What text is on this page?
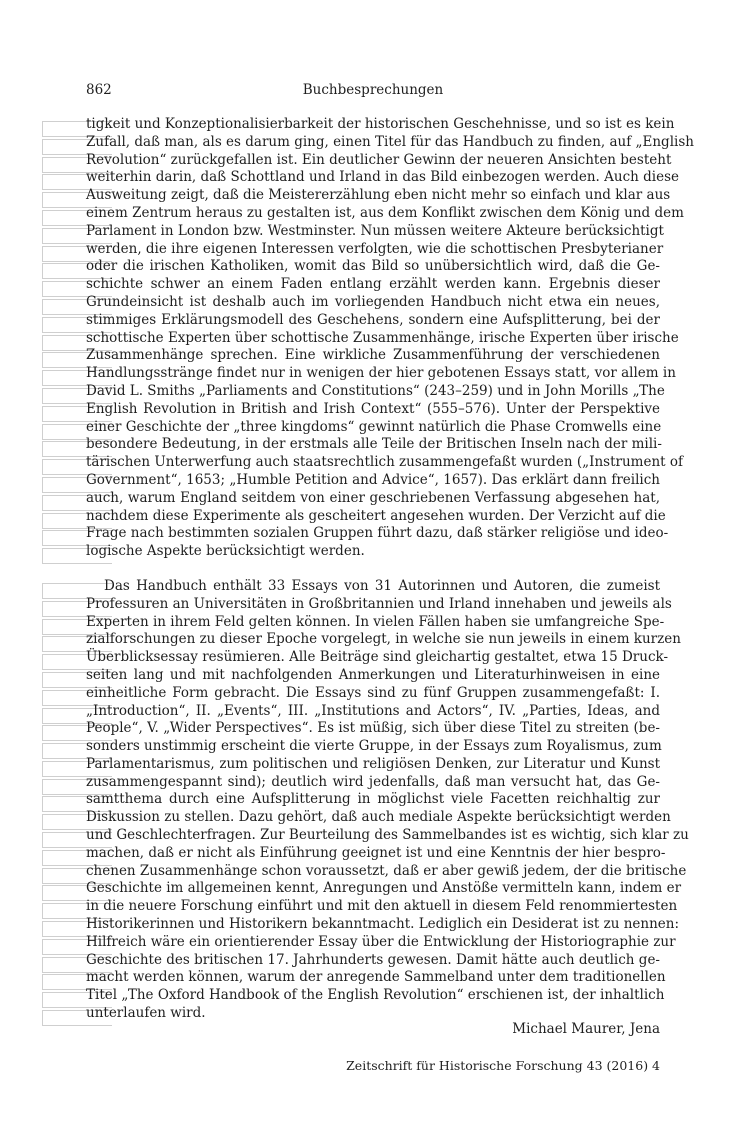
862	Buchbesprechungen
tigkeit und Konzeptionalisierbarkeit der historischen Geschehnisse, und so ist es kein
Zufall, daß man, als es darum ging, einen Titel für das Handbuch zu finden, auf „English
Revolution“ zurückgefallen ist. Ein deutlicher Gewinn der neueren Ansichten besteht
weiterhin darin, daß Schottland und Irland in das Bild einbezogen werden. Auch diese
Ausweitung zeigt, daß die Meistererzählung eben nicht mehr so einfach und klar aus
einem Zentrum heraus zu gestalten ist, aus dem Konflikt zwischen dem König und dem
Parlament in London bzw. Westminster. Nun müssen weitere Akteure berücksichtigt
werden, die ihre eigenen Interessen verfolgten, wie die schottischen Presbyterianer
oder die irischen Katholiken, womit das Bild so unübersichtlich wird, daß die Ge-
schichte schwer an einem Faden entlang erzählt werden kann. Ergebnis dieser
Grundeinsicht ist deshalb auch im vorliegenden Handbuch nicht etwa ein neues,
stimmiges Erklärungsmodell des Geschehens, sondern eine Aufsplitterung, bei der
schottische Experten über schottische Zusammenhänge, irische Experten über irische
Zusammenhänge sprechen. Eine wirkliche Zusammenführung der verschiedenen
Handlungsstränge findet nur in wenigen der hier gebotenen Essays statt, vor allem in
David L. Smiths „Parliaments and Constitutions“ (243–259) und in John Morills „The
English Revolution in British and Irish Context“ (555–576). Unter der Perspektive
einer Geschichte der „three kingdoms“ gewinnt natürlich die Phase Cromwells eine
besondere Bedeutung, in der erstmals alle Teile der Britischen Inseln nach der mili-
tärischen Unterwerfung auch staatsrechtlich zusammengefaßt wurden („Instrument of
Government“, 1653; „Humble Petition and Advice“, 1657). Das erklärt dann freilich
auch, warum England seitdem von einer geschriebenen Verfassung abgesehen hat,
nachdem diese Experimente als gescheitert angesehen wurden. Der Verzicht auf die
Frage nach bestimmten sozialen Gruppen führt dazu, daß stärker religiöse und ideo-
logische Aspekte berücksichtigt werden.
Das Handbuch enthält 33 Essays von 31 Autorinnen und Autoren, die zumeist
Professuren an Universitäten in Großbritannien und Irland innehaben und jeweils als
Experten in ihrem Feld gelten können. In vielen Fällen haben sie umfangreiche Spe-
zialforschungen zu dieser Epoche vorgelegt, in welche sie nun jeweils in einem kurzen
Überblicksessay resümieren. Alle Beiträge sind gleichartig gestaltet, etwa 15 Druck-
seiten lang und mit nachfolgenden Anmerkungen und Literaturhinweisen in eine
einheitliche Form gebracht. Die Essays sind zu fünf Gruppen zusammengefaßt: I.
„Introduction“, II. „Events“, III. „Institutions and Actors“, IV. „Parties, Ideas, and
People“, V. „Wider Perspectives“. Es ist müßig, sich über diese Titel zu streiten (be-
sonders unstimmig erscheint die vierte Gruppe, in der Essays zum Royalismus, zum
Parlamentarismus, zum politischen und religiösen Denken, zur Literatur und Kunst
zusammengespannt sind); deutlich wird jedenfalls, daß man versucht hat, das Ge-
samtthema durch eine Aufsplitterung in möglichst viele Facetten reichhaltig zur
Diskussion zu stellen. Dazu gehört, daß auch mediale Aspekte berücksichtigt werden
und Geschlechterfragen. Zur Beurteilung des Sammelbandes ist es wichtig, sich klar zu
machen, daß er nicht als Einführung geeignet ist und eine Kenntnis der hier bespro-
chenen Zusammenhänge schon voraussetzt, daß er aber gewiß jedem, der die britische
Geschichte im allgemeinen kennt, Anregungen und Anstöße vermitteln kann, indem er
in die neuere Forschung einführt und mit den aktuell in diesem Feld renommiertesten
Historikerinnen und Historikern bekanntmacht. Lediglich ein Desiderat ist zu nennen:
Hilfreich wäre ein orientierender Essay über die Entwicklung der Historiographie zur
Geschichte des britischen 17. Jahrhunderts gewesen. Damit hätte auch deutlich ge-
macht werden können, warum der anregende Sammelband unter dem traditionellen
Titel „The Oxford Handbook of the English Revolution“ erschienen ist, der inhaltlich
unterlaufen wird.
Michael Maurer, Jena
Zeitschrift für Historische Forschung 43 (2016) 4
